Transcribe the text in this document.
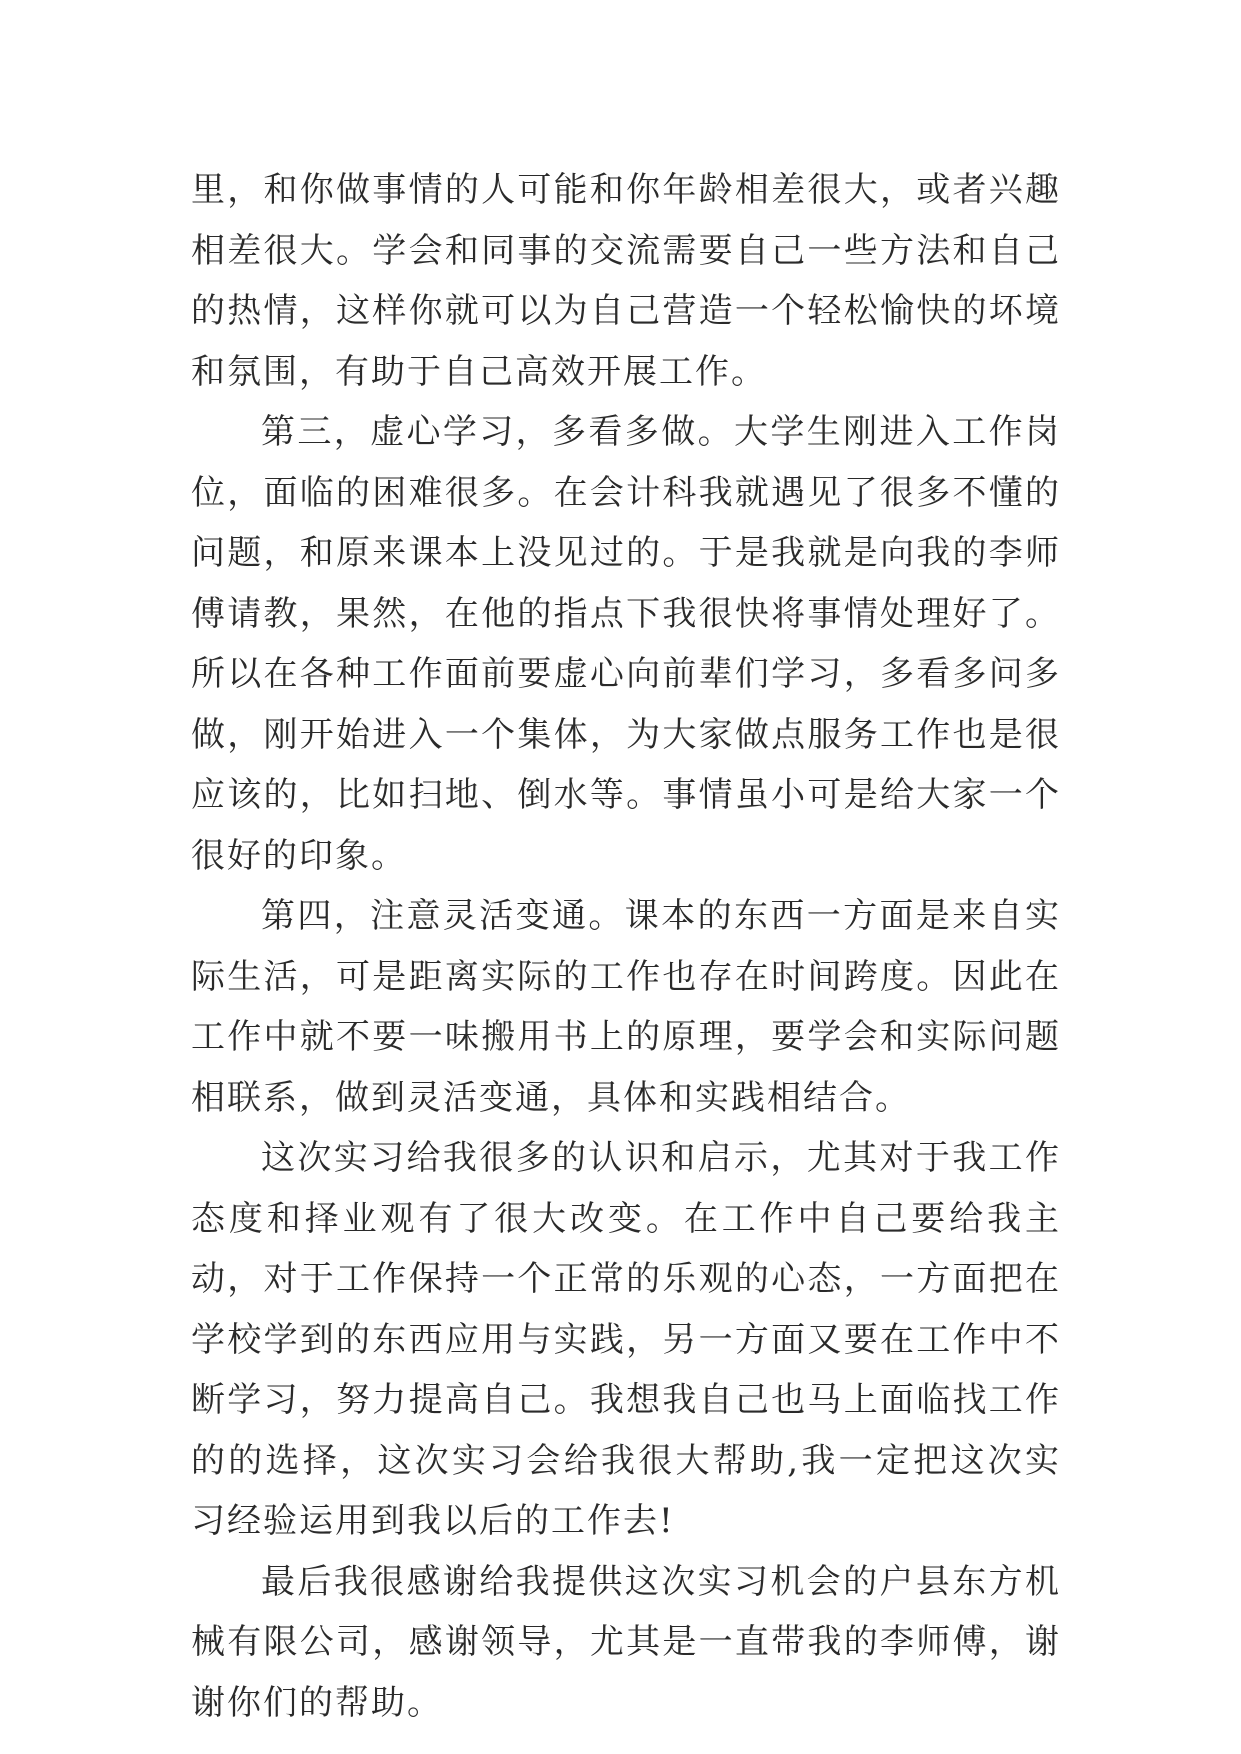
里，和你做事情的人可能和你年龄相差很大，或者兴趣相差很大。学会和同事的交流需要自己一些方法和自己的热情，这样你就可以为自己营造一个轻松愉快的坏境和氛围，有助于自己高效开展工作。

第三，虚心学习，多看多做。大学生刚进入工作岗位，面临的困难很多。在会计科我就遇见了很多不懂的问题，和原来课本上没见过的。于是我就是向我的李师傅请教，果然，在他的指点下我很快将事情处理好了。所以在各种工作面前要虚心向前辈们学习，多看多问多做，刚开始进入一个集体，为大家做点服务工作也是很应该的，比如扫地、倒水等。事情虽小可是给大家一个很好的印象。

第四，注意灵活变通。课本的东西一方面是来自实际生活，可是距离实际的工作也存在时间跨度。因此在工作中就不要一味搬用书上的原理，要学会和实际问题相联系，做到灵活变通，具体和实践相结合。

这次实习给我很多的认识和启示，尤其对于我工作态度和择业观有了很大改变。在工作中自己要给我主动，对于工作保持一个正常的乐观的心态，一方面把在学校学到的东西应用与实践，另一方面又要在工作中不断学习，努力提高自己。我想我自己也马上面临找工作的的选择，这次实习会给我很大帮助,我一定把这次实习经验运用到我以后的工作去!

最后我很感谢给我提供这次实习机会的户县东方机械有限公司，感谢领导，尤其是一直带我的李师傅，谢谢你们的帮助。
